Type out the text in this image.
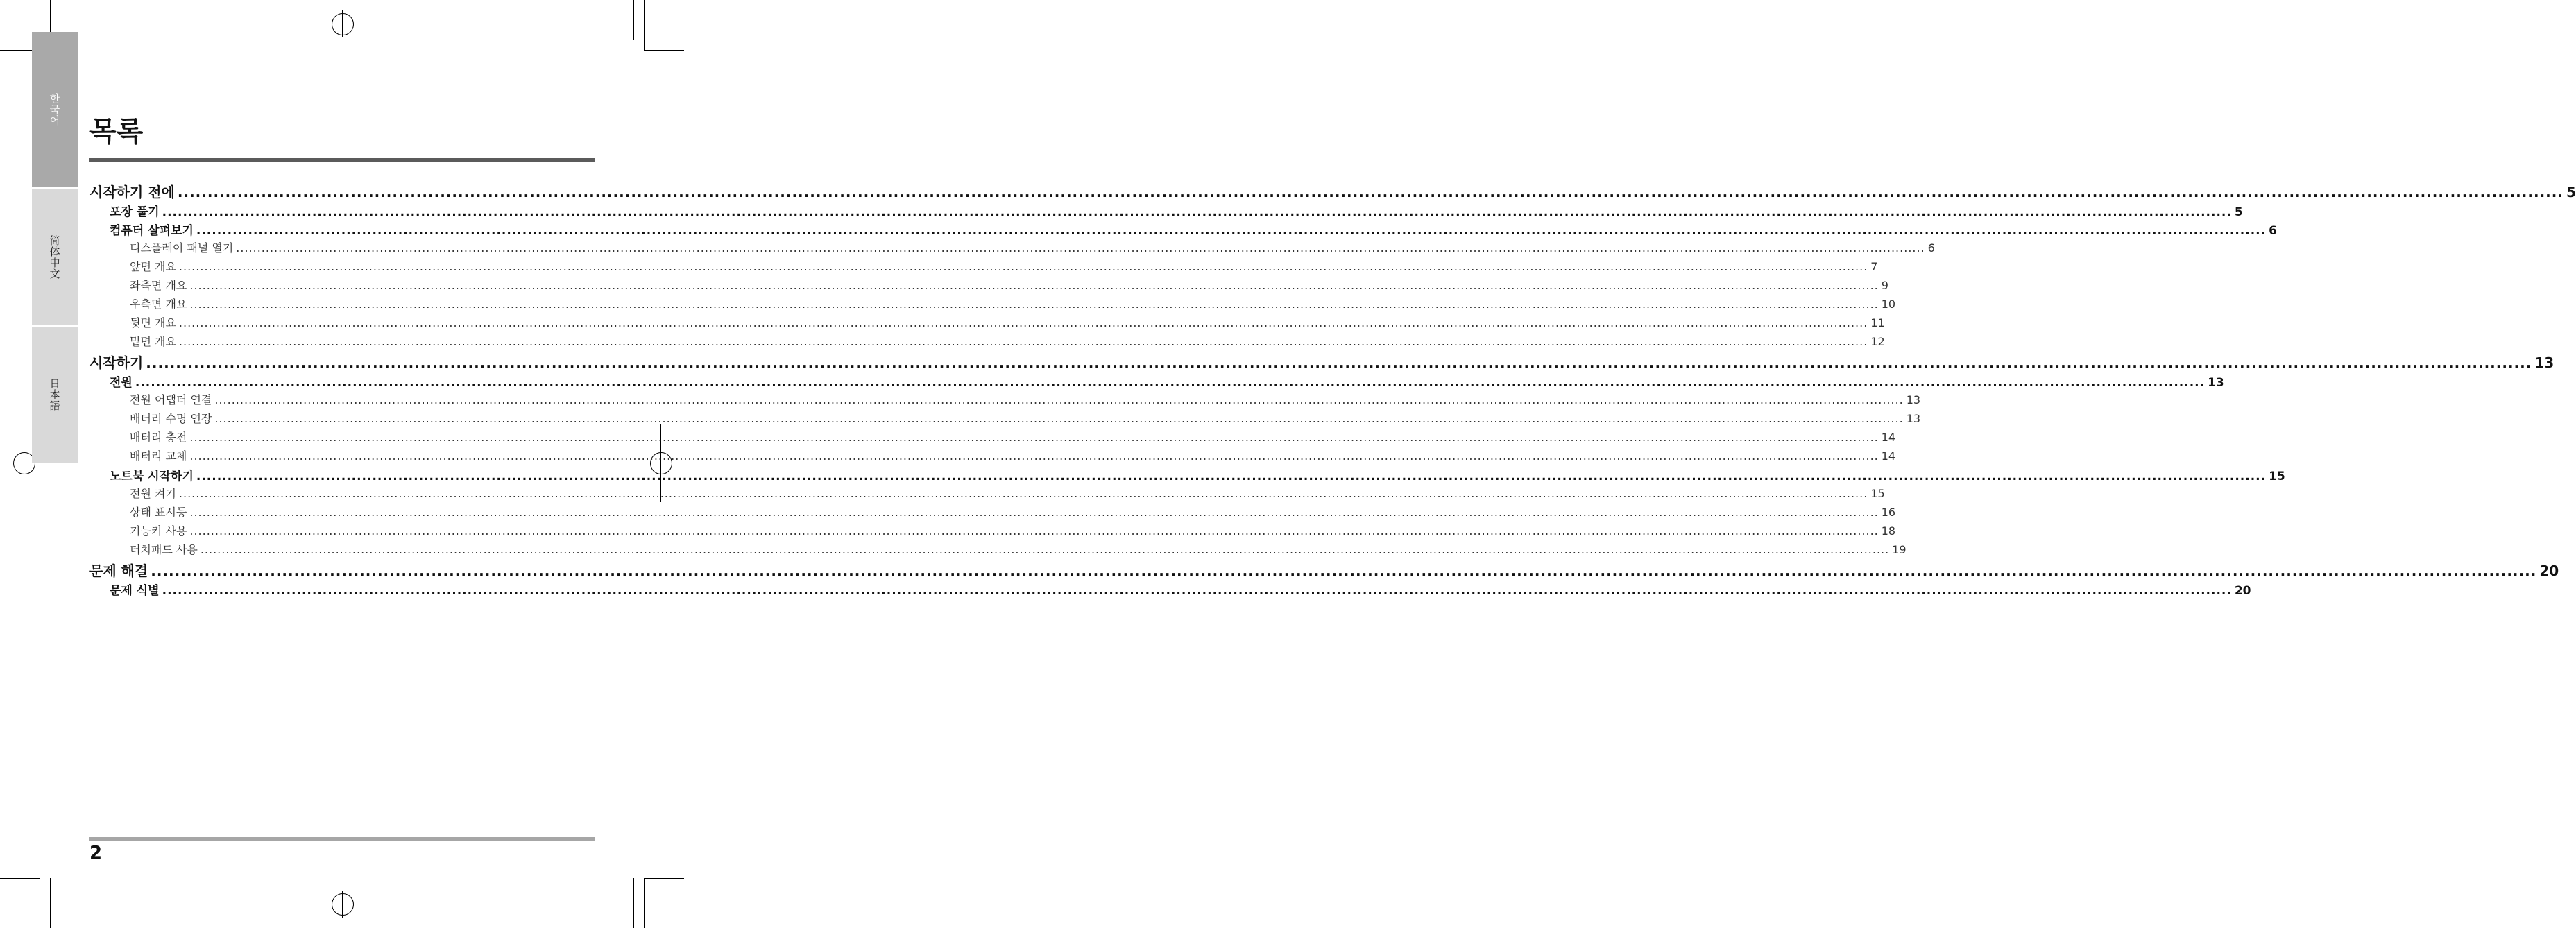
한국어
简体中文
日本語
목록
시작하기 전에 ................................................................................................................................................................................................................................................................................................................................................................................................................ 5
포장 풀기 ................................................................................................................................................................................................................................................................................................................................................................................................................ 5
컴퓨터 살펴보기 ................................................................................................................................................................................................................................................................................................................................................................................................................ 6
디스플레이 패널 열기 ................................................................................................................................................................................................................................................................................................................................................................................................................ 6
앞면 개요 ................................................................................................................................................................................................................................................................................................................................................................................................................ 7
좌측면 개요 ................................................................................................................................................................................................................................................................................................................................................................................................................ 9
우측면 개요 ................................................................................................................................................................................................................................................................................................................................................................................................................ 10
뒷면 개요 ................................................................................................................................................................................................................................................................................................................................................................................................................ 11
밑면 개요 ................................................................................................................................................................................................................................................................................................................................................................................................................ 12
시작하기 ................................................................................................................................................................................................................................................................................................................................................................................................................ 13
전원 ................................................................................................................................................................................................................................................................................................................................................................................................................ 13
전원 어댑터 연결 ................................................................................................................................................................................................................................................................................................................................................................................................................ 13
배터리 수명 연장 ................................................................................................................................................................................................................................................................................................................................................................................................................ 13
배터리 충전 ................................................................................................................................................................................................................................................................................................................................................................................................................ 14
배터리 교체 ................................................................................................................................................................................................................................................................................................................................................................................................................ 14
노트북 시작하기 ................................................................................................................................................................................................................................................................................................................................................................................................................ 15
전원 켜기 ................................................................................................................................................................................................................................................................................................................................................................................................................ 15
상태 표시등 ................................................................................................................................................................................................................................................................................................................................................................................................................ 16
기능키 사용 ................................................................................................................................................................................................................................................................................................................................................................................................................ 18
터치패드 사용 ................................................................................................................................................................................................................................................................................................................................................................................................................ 19
문제 해결 ................................................................................................................................................................................................................................................................................................................................................................................................................ 20
문제 식별 ................................................................................................................................................................................................................................................................................................................................................................................................................ 20
2
